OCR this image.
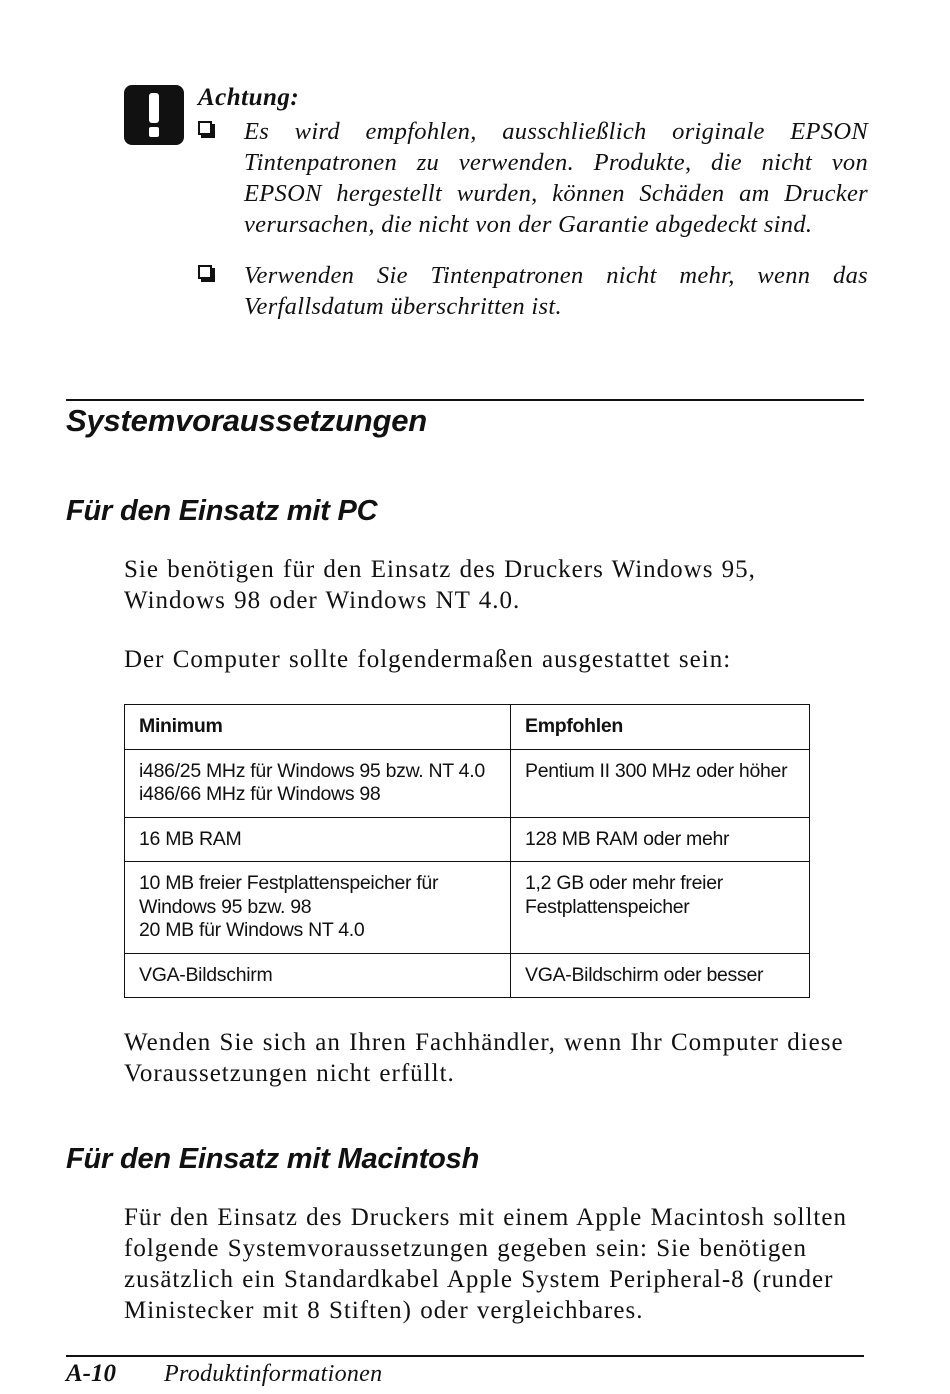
Achtung:
Es wird empfohlen, ausschließlich originale EPSON Tintenpatronen zu verwenden. Produkte, die nicht von EPSON hergestellt wurden, können Schäden am Drucker verursachen, die nicht von der Garantie abgedeckt sind.
Verwenden Sie Tintenpatronen nicht mehr, wenn das Verfallsdatum überschritten ist.
Systemvoraussetzungen
Für den Einsatz mit PC
Sie benötigen für den Einsatz des Druckers Windows 95, Windows 98 oder Windows NT 4.0.
Der Computer sollte folgendermaßen ausgestattet sein:
Minimum	Empfohlen

i486/25 MHz für Windows 95 bzw. NT 4.0
i486/66 MHz für Windows 98	Pentium II 300 MHz oder höher

16 MB RAM	128 MB RAM oder mehr

10 MB freier Festplattenspeicher für
Windows 95 bzw. 98
20 MB für Windows NT 4.0	1,2 GB oder mehr freier
Festplattenspeicher

VGA-Bildschirm	VGA-Bildschirm oder besser
Wenden Sie sich an Ihren Fachhändler, wenn Ihr Computer diese Voraussetzungen nicht erfüllt.
Für den Einsatz mit Macintosh
Für den Einsatz des Druckers mit einem Apple Macintosh sollten folgende Systemvoraussetzungen gegeben sein: Sie benötigen zusätzlich ein Standardkabel Apple System Peripheral-8 (runder Ministecker mit 8 Stiften) oder vergleichbares.
A-10 Produktinformationen
